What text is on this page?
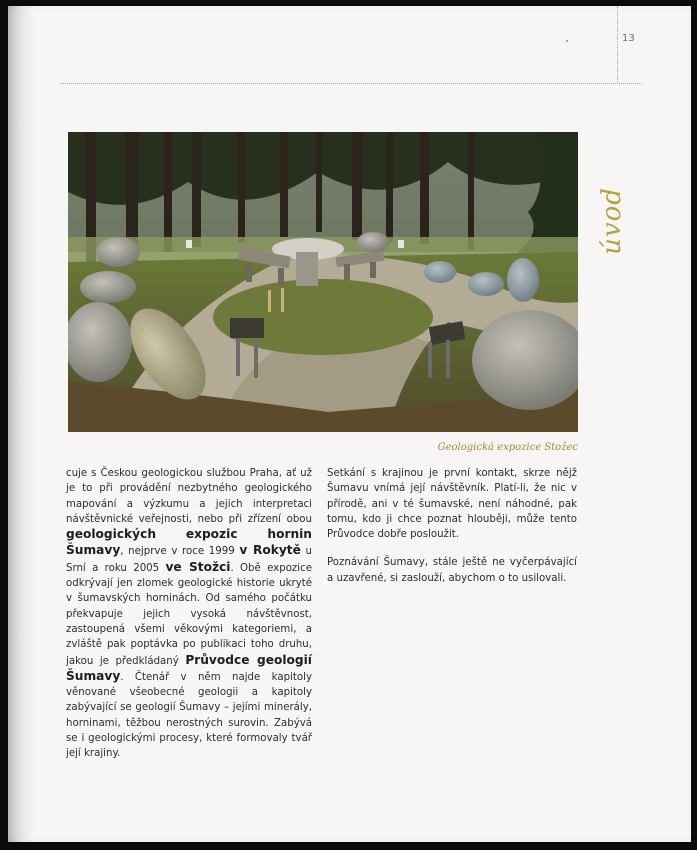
13
úvod
Geologická expozice Stožec

cuje s Českou geologickou službou Praha, ať už je to při provádění nezbytného geologického mapování a výzkumu a jejich interpretaci návštěvnické veřejnosti, nebo při zřízení obou geologických expozic hornin Šumavy, nejprve v roce 1999 v Rokytě u Srní a roku 2005 ve Stožci. Obě expozice odkrývají jen zlomek geologické historie ukryté v šumavských horninách. Od samého počátku překvapuje jejich vysoká návštěvnost, zastoupená všemi věkovými kategoriemi, a zvláště pak poptávka po publikaci toho druhu, jakou je předkládaný Průvodce geologií Šumavy. Čtenář v něm najde kapitoly věnované všeobecné geologii a kapitoly zabývající se geologií Šumavy – jejími minerály, horninami, těžbou nerostných surovin. Zabývá se i geologickými procesy, které formovaly tvář její krajiny.

Setkání s krajinou je první kontakt, skrze nějž Šumavu vnímá její návštěvník. Platí-li, že nic v přírodě, ani v té šumavské, není náhodné, pak tomu, kdo ji chce poznat hlouběji, může tento Průvodce dobře posloužit.

Poznávání Šumavy, stále ještě ne vyčerpávající a uzavřené, si zaslouží, abychom o to usilovali.
